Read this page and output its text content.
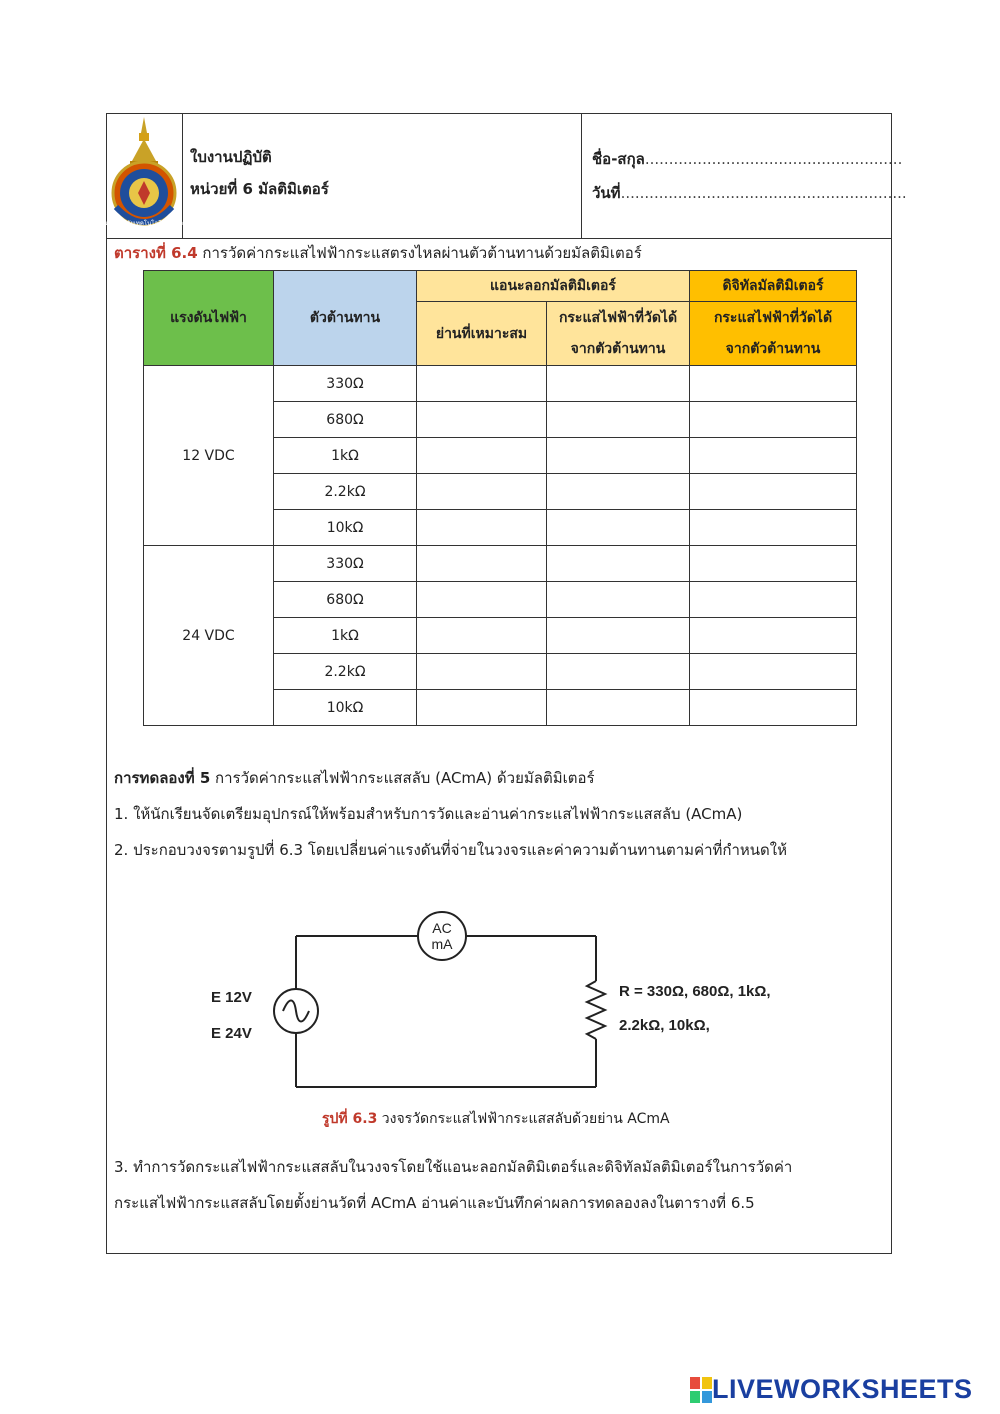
มหาวิทยาลัยเทคโนโลยีราชมงคล
ใบงานปฏิบัติ
หน่วยที่ 6 มัลติมิเตอร์
ชื่อ-สกุล......................................................
วันที่............................................................
ตารางที่ 6.4 การวัดค่ากระแสไฟฟ้ากระแสตรงไหลผ่านตัวต้านทานด้วยมัลติมิเตอร์
แรงดันไฟฟ้า	ตัวต้านทาน	แอนะลอกมัลติมิเตอร์		ดิจิทัลมัลติมิเตอร์
		ย่านที่เหมาะสม	กระแสไฟฟ้าที่วัดได้	กระแสไฟฟ้าที่วัดได้
			จากตัวต้านทาน	จากตัวต้านทาน
12 VDC	330Ω			
	680Ω			
	1kΩ			
	2.2kΩ			
	10kΩ			
24 VDC	330Ω			
	680Ω			
	1kΩ			
	2.2kΩ			
	10kΩ			
การทดลองที่ 5 การวัดค่ากระแสไฟฟ้ากระแสสลับ (ACmA) ด้วยมัลติมิเตอร์
1. ให้นักเรียนจัดเตรียมอุปกรณ์ให้พร้อมสำหรับการวัดและอ่านค่ากระแสไฟฟ้ากระแสสลับ (ACmA)
2. ประกอบวงจรตามรูปที่ 6.3 โดยเปลี่ยนค่าแรงดันที่จ่ายในวงจรและค่าความต้านทานตามค่าที่กำหนดให้
AC
mA
E 12V
E 24V
R = 330Ω, 680Ω, 1kΩ,
2.2kΩ, 10kΩ,
รูปที่ 6.3 วงจรวัดกระแสไฟฟ้ากระแสสลับด้วยย่าน ACmA
3. ทำการวัดกระแสไฟฟ้ากระแสสลับในวงจรโดยใช้แอนะลอกมัลติมิเตอร์และดิจิทัลมัลติมิเตอร์ในการวัดค่า
กระแสไฟฟ้ากระแสสลับโดยตั้งย่านวัดที่ ACmA อ่านค่าและบันทึกค่าผลการทดลองลงในตารางที่ 6.5
LIVEWORKSHEETS
